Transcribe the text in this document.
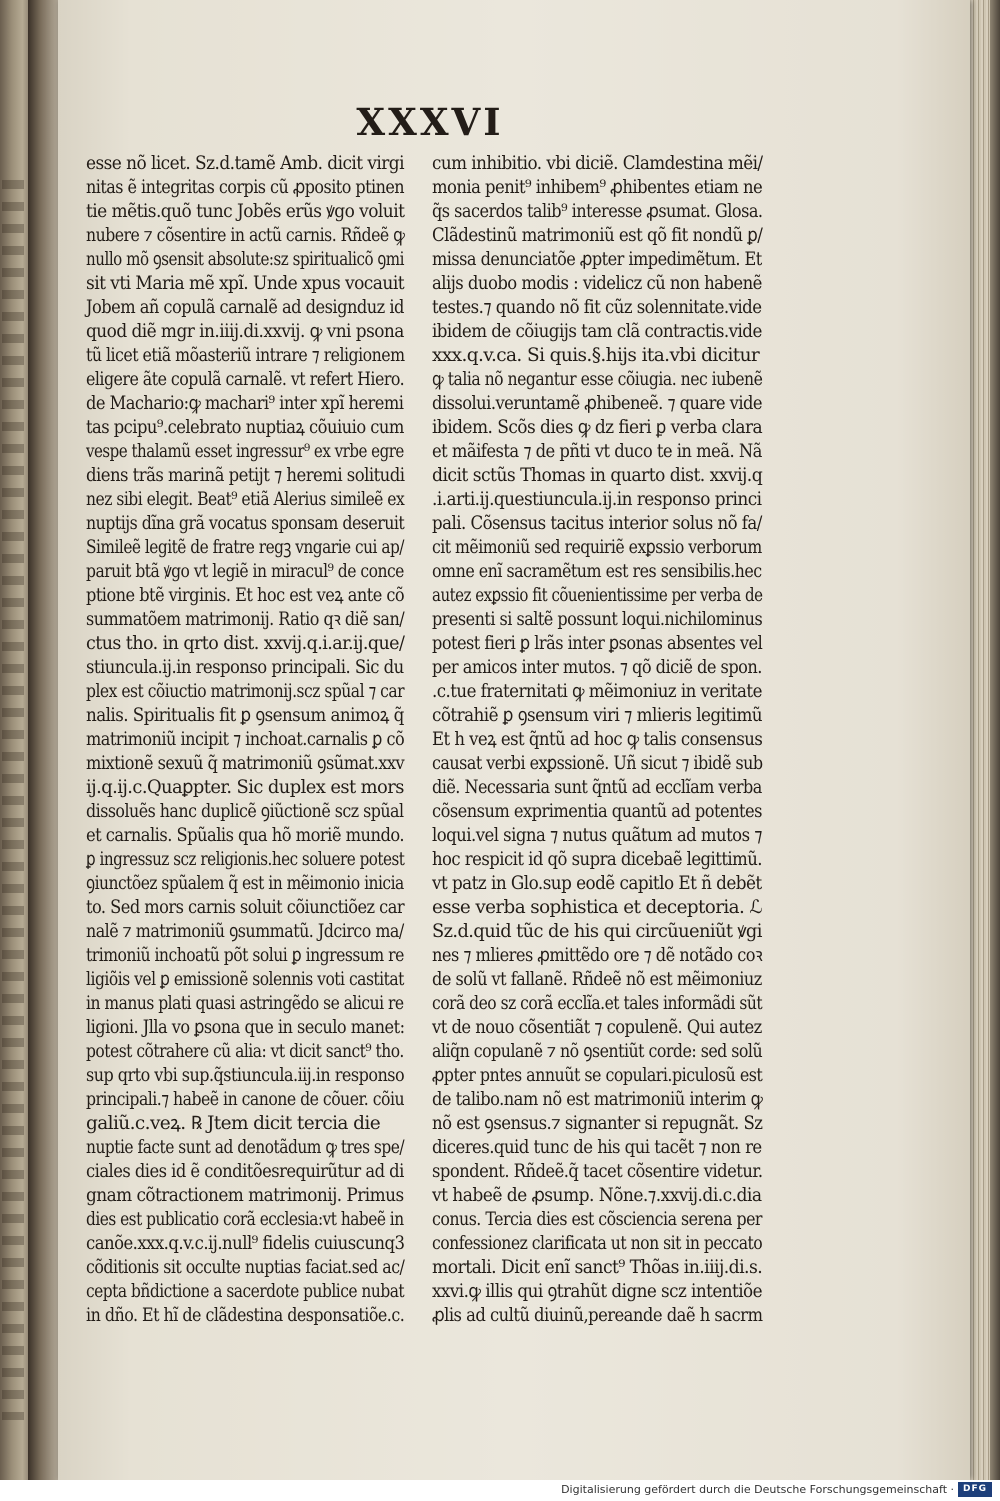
XXXVI
esse nõ licet. Sz.d.tamẽ Amb. dicit virgi
nitas ẽ integritas corpis cũ ꝓposito ptinen
tie mẽtis.quõ tunc Jobẽs erũs ꝟgo voluit
nubere ⁊ cõsentire in actũ carnis. Rñdeẽ ꝙ
nullo mõ ꝯsensit absolute:sz spiritualicõ ꝯmi
sit vti Maria mẽ xpĩ. Unde xpus vocauit
Jobem añ copulã carnalẽ ad designduz id
quod diẽ mgr in.iiij.di.xxvij. ꝙ vni psona
tũ licet etiã mõasteriũ intrare ⁊ religionem
eligere ãte copulã carnalẽ. vt refert Hiero.
de Machario:ꝙ machari⁹ inter xpĩ heremi
tas pcipu⁹.celebrato nuptiaꝝ cõuiuio cum
vespe thalamũ esset ingressur⁹ ex vrbe egre
diens trãs marinã petijt ⁊ heremi solitudi
nez sibi elegit. Beat⁹ etiã Alerius simileẽ ex
nuptijs dĩna grã vocatus sponsam deseruit
Simileẽ legitẽ de fratre regꝫ vngarie cui ap/
paruit btã ꝟgo vt legiẽ in miracul⁹ de conce
ptione btẽ virginis. Et hoc est veꝝ ante cõ
summatõem matrimonij. Ratio qꝛ diẽ san/
ctus tho. in qrto dist. xxvij.q.i.ar.ij.que/
stiuncula.ij.in responso principali. Sic du
plex est cõiuctio matrimonij.scz spũal ⁊ car
nalis. Spiritualis fit ꝑ ꝯsensum animoꝝ q̃
matrimoniũ incipit ⁊ inchoat.carnalis ꝑ cõ
mixtionẽ sexuũ q̃ matrimoniũ ꝯsũmat.xxv
ij.q.ij.c.Quaꝑpter. Sic duplex est mors
dissoluẽs hanc duplicẽ ꝯiũctionẽ scz spũal
et carnalis. Spũalis qua hõ moriẽ mundo.
ꝑ ingressuz scz religionis.hec soluere potest
ꝯiunctõez spũalem q̃ est in mẽimonio inicia
to. Sed mors carnis soluit cõiunctiõez car
nalẽ ⁊ matrimoniũ ꝯsummatũ. Jdcirco ma/
trimoniũ inchoatũ põt solui ꝑ ingressum re
ligiõis vel ꝑ emissionẽ solennis voti castitat
in manus plati quasi astringẽdo se alicui re
ligioni. Jlla vo ꝑsona que in seculo manet:
potest cõtrahere cũ alia: vt dicit sanct⁹ tho.
sup qrto vbi sup.q̃stiuncula.iij.in responso
principali.⁊ habeẽ in canone de cõuer. cõiu
galiũ.c.veꝝ. ℞ Jtem dicit tercia die
nuptie facte sunt ad denotãdum ꝙ tres spe/
ciales dies id ẽ conditõesrequirũtur ad di
gnam cõtractionem matrimonij. Primus
dies est publicatio corã ecclesia:vt habeẽ in
canõe.xxx.q.v.c.ij.null⁹ fidelis cuiuscunq3
cõditionis sit occulte nuptias faciat.sed ac/
cepta bñdictione a sacerdote publice nubat
in dño. Et hĩ de clãdestina desponsatiõe.c.
cum inhibitio. vbi diciẽ. Clamdestina mẽi/
monia penit⁹ inhibem⁹ ꝓhibentes etiam ne
q̃s sacerdos talib⁹ interesse ꝓsumat. Glosa.
Clãdestinũ matrimoniũ est qõ fit nondũ ꝑ/
missa denunciatõe ꝓpter impedimẽtum. Et
alijs duobo modis : videlicz cũ non habenẽ
testes.⁊ quando nõ fit cũz solennitate.vide
ibidem de cõiugijs tam clã contractis.vide
xxx.q.v.ca. Si quis.§.hijs ita.vbi dicitur
ꝙ talia nõ negantur esse cõiugia. nec iubenẽ
dissolui.veruntamẽ ꝓhibeneẽ. ⁊ quare vide
ibidem. Scõs dies ꝙ dz fieri ꝑ verba clara
et mãifesta ⁊ de pñti vt duco te in meã. Nã
dicit sctũs Thomas in quarto dist. xxvij.q
.i.arti.ij.questiuncula.ij.in responso princi
pali. Cõsensus tacitus interior solus nõ fa/
cit mẽimoniũ sed requiriẽ exꝑssio verborum
omne enĩ sacramẽtum est res sensibilis.hec
autez exꝑssio fit cõuenientissime per verba de
presenti si saltẽ possunt loqui.nichilominus
potest fieri ꝑ lrãs inter ꝑsonas absentes vel
per amicos inter mutos. ⁊ qõ diciẽ de spon.
.c.tue fraternitati ꝙ mẽimoniuz in veritate
cõtrahiẽ ꝑ ꝯsensum viri ⁊ mlieris legitimũ
Et h veꝝ est q̃ntũ ad hoc ꝙ talis consensus
causat verbi exꝑssionẽ. Uñ sicut ⁊ ibidẽ sub
diẽ. Necessaria sunt q̃ntũ ad ecclĩam verba
cõsensum exprimentia quantũ ad potentes
loqui.vel signa ⁊ nutus quãtum ad mutos ⁊
hoc respicit id qõ supra dicebaẽ legittimũ.
vt patz in Glo.sup eodẽ capitlo Et ñ debẽt
esse verba sophistica et deceptoria. ℒ
Sz.d.quid tũc de his qui circũueniũt ꝟgi
nes ⁊ mlieres ꝓmittẽdo ore ⁊ dẽ notãdo coꝛ
de solũ vt fallanẽ. Rñdeẽ nõ est mẽimoniuz
corã deo sz corã ecclĩa.et tales informãdi sũt
vt de nouo cõsentiãt ⁊ copulenẽ. Qui autez
aliq̃n copulanẽ ⁊ nõ ꝯsentiũt corde: sed solũ
ꝓpter pntes annuũt se copulari.piculosũ est
de talibo.nam nõ est matrimoniũ interim ꝙ
nõ est ꝯsensus.⁊ signanter si repugnãt. Sz
diceres.quid tunc de his qui tacẽt ⁊ non re
spondent. Rñdeẽ.q̃ tacet cõsentire videtur.
vt habeẽ de ꝓsump. Nõne.⁊.xxvij.di.c.dia
conus. Tercia dies est cõsciencia serena per
confessionez clarificata ut non sit in peccato
mortali. Dicit enĩ sanct⁹ Thõas in.iiij.di.s.
xxvi.ꝙ illis qui ꝯtrahũt digne scz intentiõe
ꝓlis ad cultũ diuinũ,pereande daẽ h sacrm
Digitalisierung gefördert durch die Deutsche Forschungsgemeinschaft · DFG
